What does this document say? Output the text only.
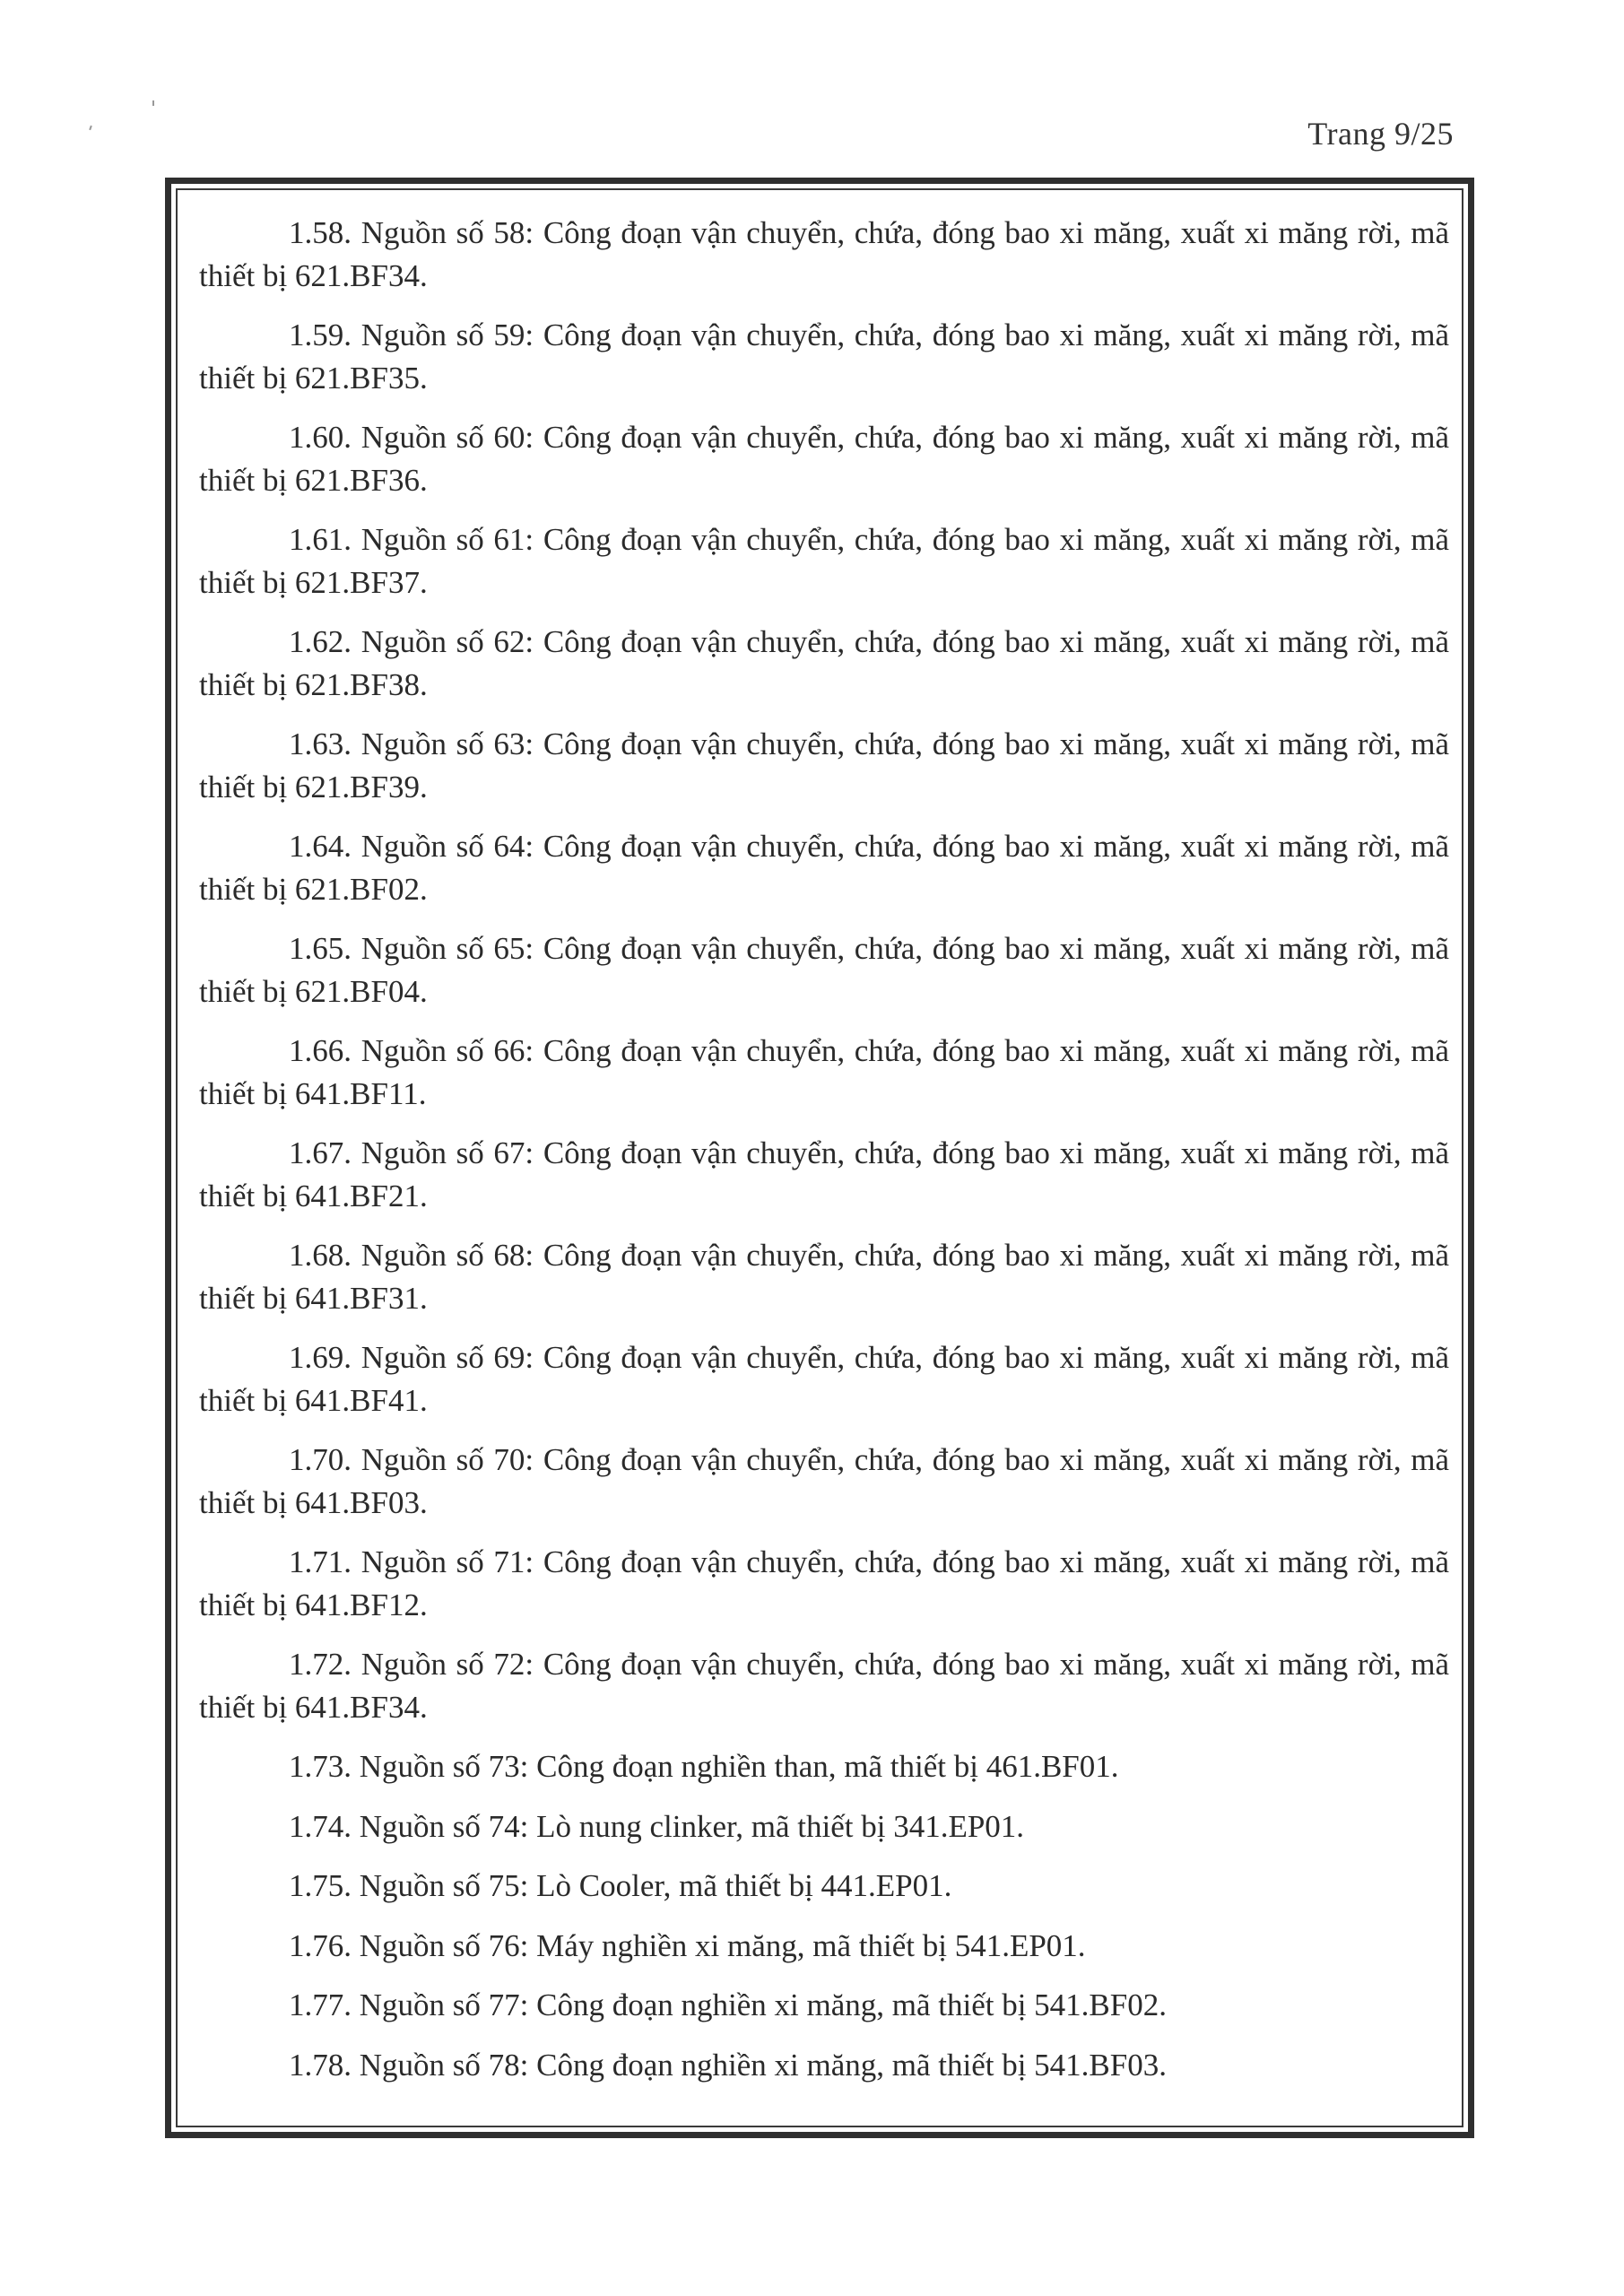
Trang 9/25

1.58. Nguồn số 58: Công đoạn vận chuyển, chứa, đóng bao xi măng, xuất xi măng rời, mã thiết bị 621.BF34.

1.59. Nguồn số 59: Công đoạn vận chuyển, chứa, đóng bao xi măng, xuất xi măng rời, mã thiết bị 621.BF35.

1.60. Nguồn số 60: Công đoạn vận chuyển, chứa, đóng bao xi măng, xuất xi măng rời, mã thiết bị 621.BF36.

1.61. Nguồn số 61: Công đoạn vận chuyển, chứa, đóng bao xi măng, xuất xi măng rời, mã thiết bị 621.BF37.

1.62. Nguồn số 62: Công đoạn vận chuyển, chứa, đóng bao xi măng, xuất xi măng rời, mã thiết bị 621.BF38.

1.63. Nguồn số 63: Công đoạn vận chuyển, chứa, đóng bao xi măng, xuất xi măng rời, mã thiết bị 621.BF39.

1.64. Nguồn số 64: Công đoạn vận chuyển, chứa, đóng bao xi măng, xuất xi măng rời, mã thiết bị 621.BF02.

1.65. Nguồn số 65: Công đoạn vận chuyển, chứa, đóng bao xi măng, xuất xi măng rời, mã thiết bị 621.BF04.

1.66. Nguồn số 66: Công đoạn vận chuyển, chứa, đóng bao xi măng, xuất xi măng rời, mã thiết bị 641.BF11.

1.67. Nguồn số 67: Công đoạn vận chuyển, chứa, đóng bao xi măng, xuất xi măng rời, mã thiết bị 641.BF21.

1.68. Nguồn số 68: Công đoạn vận chuyển, chứa, đóng bao xi măng, xuất xi măng rời, mã thiết bị 641.BF31.

1.69. Nguồn số 69: Công đoạn vận chuyển, chứa, đóng bao xi măng, xuất xi măng rời, mã thiết bị 641.BF41.

1.70. Nguồn số 70: Công đoạn vận chuyển, chứa, đóng bao xi măng, xuất xi măng rời, mã thiết bị 641.BF03.

1.71. Nguồn số 71: Công đoạn vận chuyển, chứa, đóng bao xi măng, xuất xi măng rời, mã thiết bị 641.BF12.

1.72. Nguồn số 72: Công đoạn vận chuyển, chứa, đóng bao xi măng, xuất xi măng rời, mã thiết bị 641.BF34.

1.73. Nguồn số 73: Công đoạn nghiền than, mã thiết bị 461.BF01.

1.74. Nguồn số 74: Lò nung clinker, mã thiết bị 341.EP01.

1.75. Nguồn số 75: Lò Cooler, mã thiết bị 441.EP01.

1.76. Nguồn số 76: Máy nghiền xi măng, mã thiết bị 541.EP01.

1.77. Nguồn số 77: Công đoạn nghiền xi măng, mã thiết bị 541.BF02.

1.78. Nguồn số 78: Công đoạn nghiền xi măng, mã thiết bị 541.BF03.
